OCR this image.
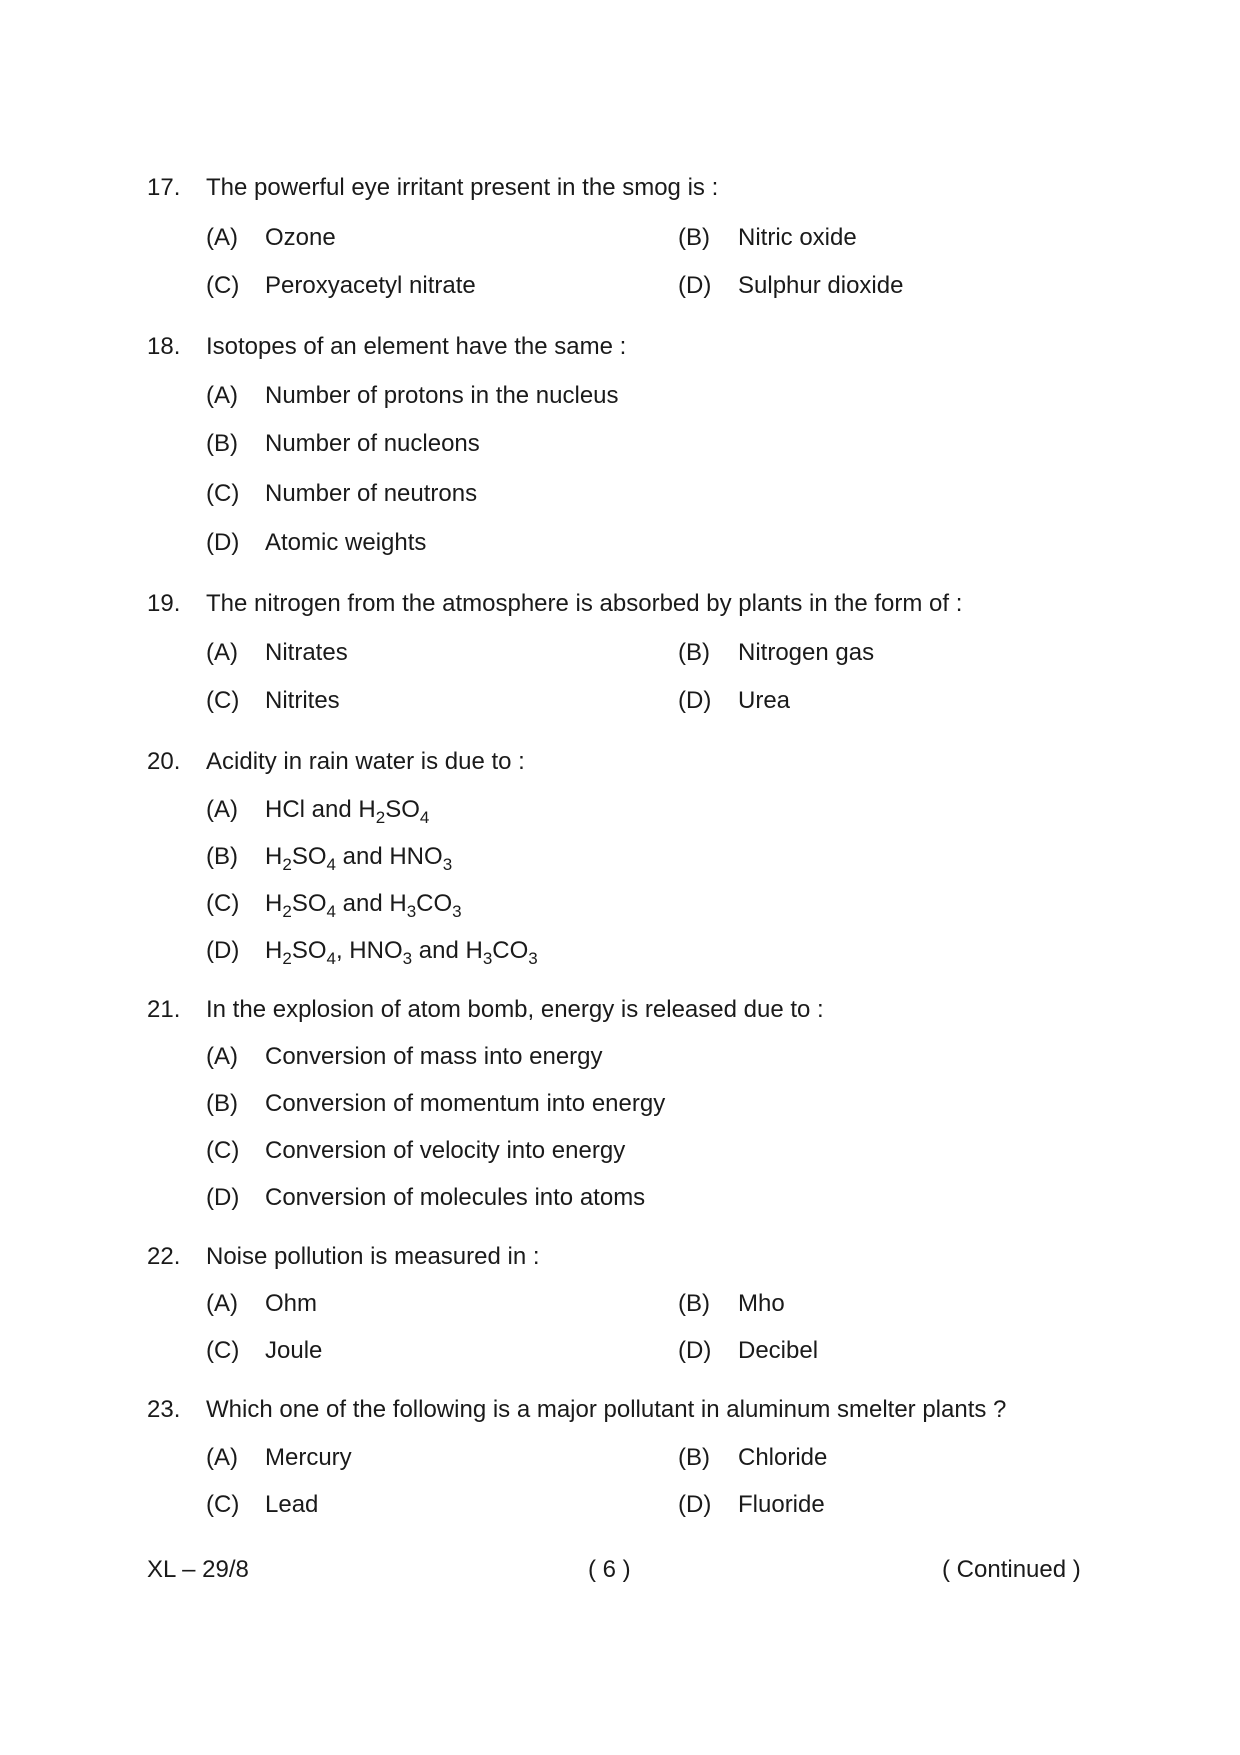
17. The powerful eye irritant present in the smog is :
(A) Ozone	(B) Nitric oxide
(C) Peroxyacetyl nitrate	(D) Sulphur dioxide
18. Isotopes of an element have the same :
(A) Number of protons in the nucleus
(B) Number of nucleons
(C) Number of neutrons
(D) Atomic weights
19. The nitrogen from the atmosphere is absorbed by plants in the form of :
(A) Nitrates	(B) Nitrogen gas
(C) Nitrites	(D) Urea
20. Acidity in rain water is due to :
(A) HCl and $H_2SO_4$
(B) $H_2SO_4$ and $HNO_3$
(C) $H_2SO_4$ and $H_3CO_3$
(D) $H_2SO_4$, $HNO_3$ and $H_3CO_3$
21. In the explosion of atom bomb, energy is released due to :
(A) Conversion of mass into energy
(B) Conversion of momentum into energy
(C) Conversion of velocity into energy
(D) Conversion of molecules into atoms
22. Noise pollution is measured in :
(A) Ohm	(B) Mho
(C) Joule	(D) Decibel
23. Which one of the following is a major pollutant in aluminum smelter plants ?
(A) Mercury	(B) Chloride
(C) Lead	(D) Fluoride
XL – 29/8	( 6 )	( Continued )
